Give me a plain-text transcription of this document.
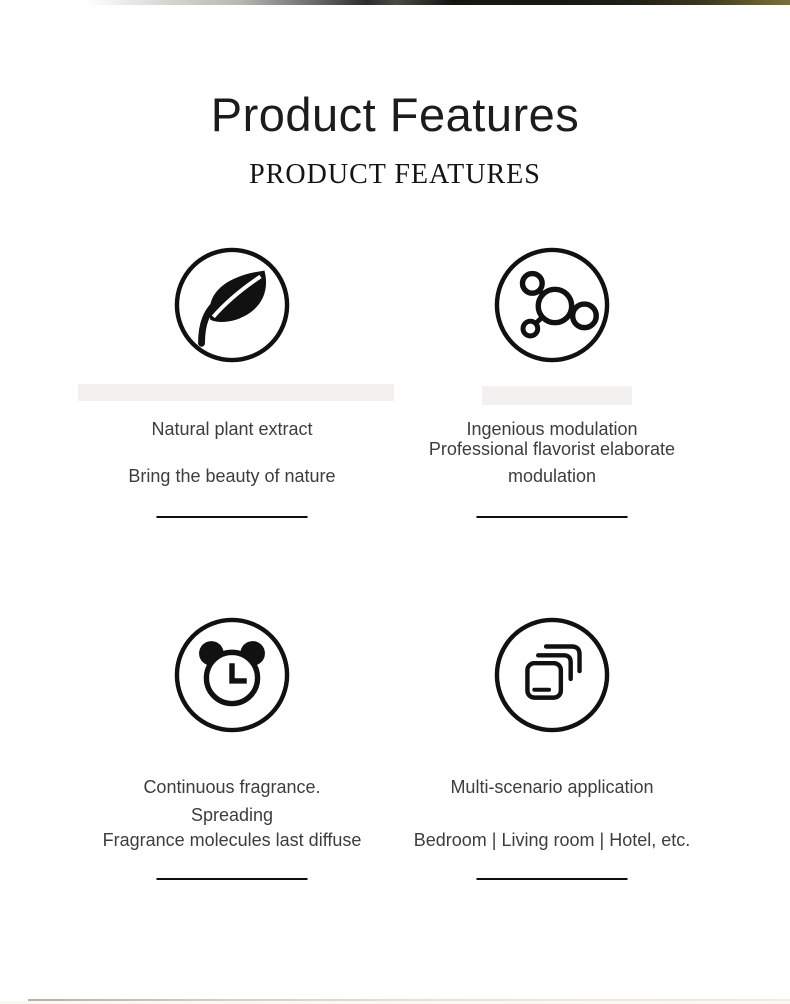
Product Features
PRODUCT FEATURES
Natural plant extract
Bring the beauty of nature
Ingenious modulation
Professional flavorist elaborate modulation
Continuous fragrance. Spreading
Fragrance molecules last diffuse
Multi-scenario application
Bedroom | Living room | Hotel, etc.
